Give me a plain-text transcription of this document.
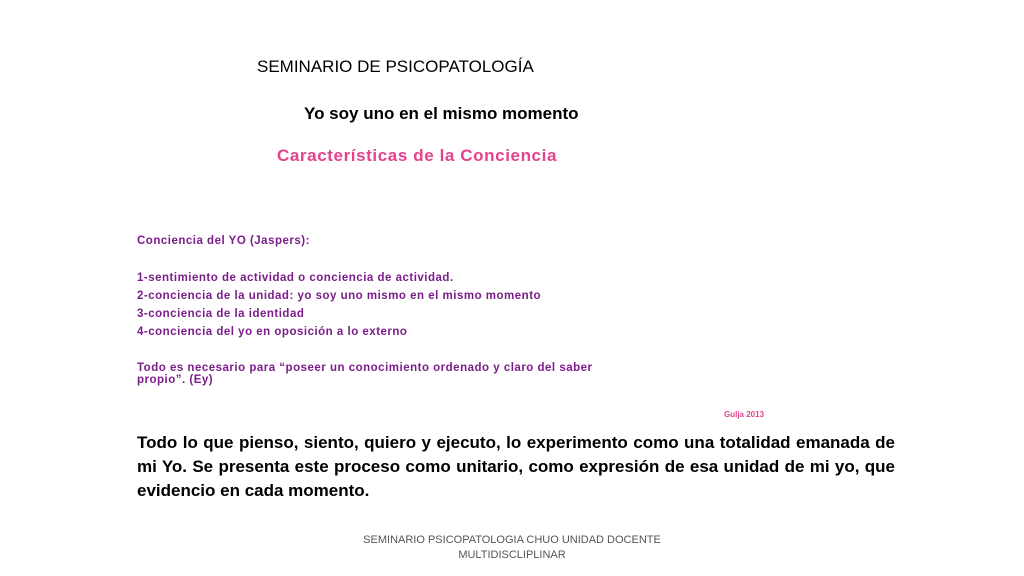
SEMINARIO DE PSICOPATOLOGÍA
Yo soy uno en el mismo momento
Características de la Conciencia
Conciencia del YO (Jaspers):
1-sentimiento de actividad o conciencia de actividad.
2-conciencia de la unidad: yo soy uno mismo en el mismo momento
3-conciencia de la identidad
4-conciencia del yo en oposición a lo externo
Todo es necesario para “poseer un conocimiento ordenado y claro del saber
propio”. (Ey)
Gulja 2013
Todo lo que pienso, siento, quiero y ejecuto, lo experimento como una totalidad emanada de mi Yo. Se presenta este proceso como unitario, como expresión de esa unidad de mi yo, que evidencio en cada momento.
SEMINARIO PSICOPATOLOGIA CHUO UNIDAD DOCENTE
MULTIDISCLIPLINAR
